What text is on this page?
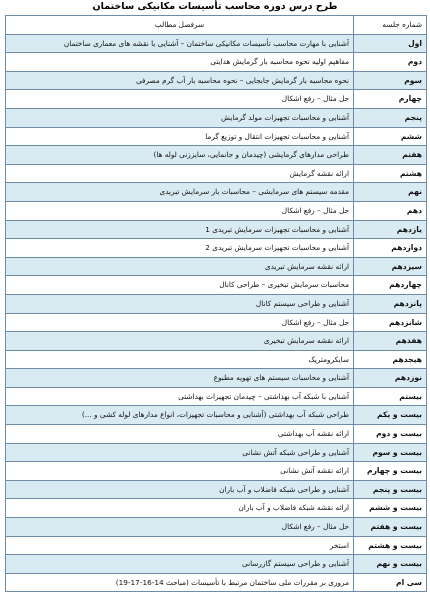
طرح درس دوره محاسب تأسیسات مکانیکی ساختمان
شماره جلسه	سرفصل مطالب
اول	آشنایی با مهارت محاسب تأسیسات مکانیکی ساختمان – آشنایی با نقشه های معماری ساختمان
دوم	مفاهیم اولیه نحوه محاسبه بار گرمایش هدایتی
سوم	نحوه محاسبه بار گرمایش جابجایی – نحوه محاسبه بار آب گرم مصرفی
چهارم	حل مثال – رفع اشکال
پنجم	آشنایی و محاسبات تجهیزات مولد گرمایش
ششم	آشنایی و محاسبات تجهیزات انتقال و توزیع گرما
هفتم	طراحی مدارهای گرمایشی (چیدمان و جانمایی، سایززنی لوله ها)
هشتم	ارائه نقشه گرمایش
نهم	مقدمه سیستم های سرمایشی – محاسبات بار سرمایش تبریدی
دهم	حل مثال – رفع اشکال
یازدهم	آشنایی و محاسبات تجهیزات سرمایش تبریدی 1
دوازدهم	آشنایی و محاسبات تجهیزات سرمایش تبریدی 2
سیزدهم	ارائه نقشه سرمایش تبریدی
چهاردهم	محاسبات سرمایش تبخیری – طراحی کانال
پانزدهم	آشنایی و طراحی سیستم کانال
شانزدهم	حل مثال – رفع اشکال
هفدهم	ارائه نقشه سرمایش تبخیری
هیجدهم	سایکرومتریک
نوزدهم	آشنایی و محاسبات سیستم های تهویه مطبوع
بیستم	آشنایی با شبکه آب بهداشتی – چیدمان تجهیزات بهداشتی
بیست و یکم	طراحی شبکه آب بهداشتی (آشنایی و محاسبات تجهیزات، انواع مدارهای لوله کشی و ...)
بیست و دوم	ارائه نقشه آب بهداشتی
بیست و سوم	آشنایی و طراحی شبکه آتش نشانی
بیست و چهارم	ارائه نقشه آتش نشانی
بیست و پنجم	آشنایی و طراحی شبکه فاضلاب و آب باران
بیست و ششم	ارائه نقشه شبکه فاضلاب و آب باران
بیست و هفتم	حل مثال – رفع اشکال
بیست و هشتم	استخر
بیست و نهم	آشنایی و طراحی سیستم گازرسانی
سی ام	مروری بر مقررات ملی ساختمان مرتبط با تأسیسات (مباحث 14-16-17-19)
